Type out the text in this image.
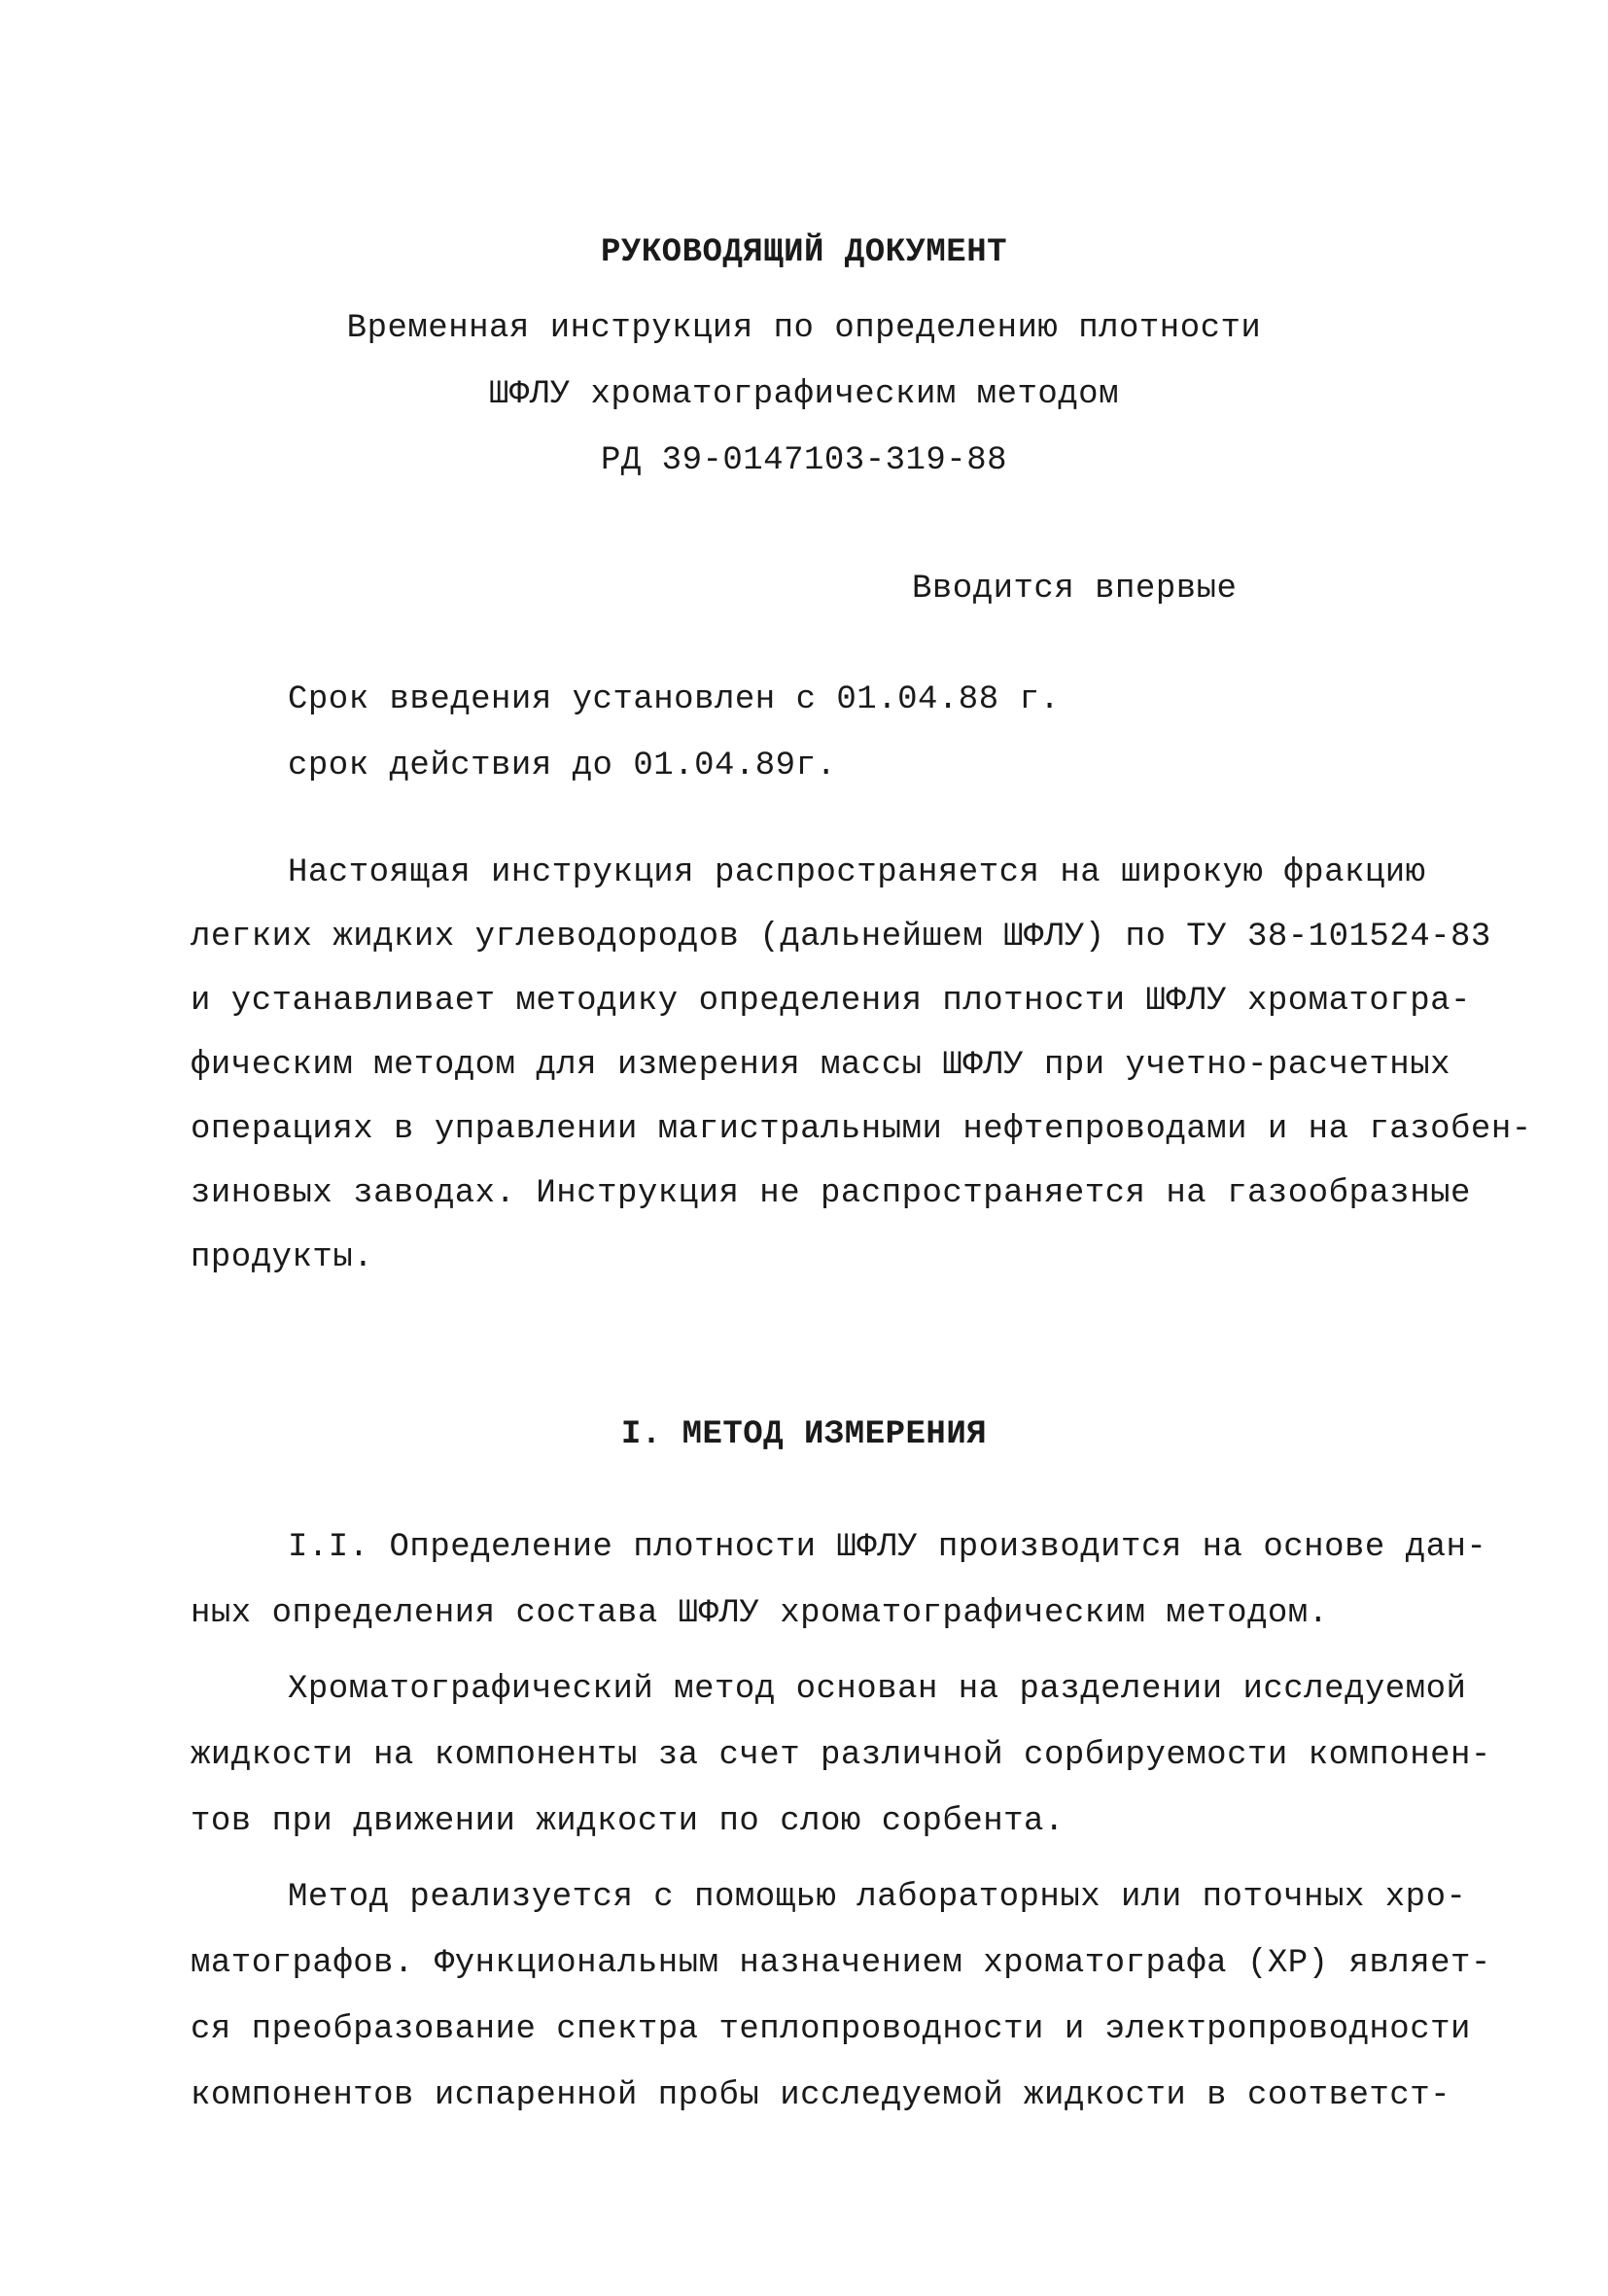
РУКОВОДЯЩИЙ ДОКУМЕНТ
Временная инструкция по определению плотности
ШФЛУ хроматографическим методом
РД 39-0147103-319-88
Вводится впервые
Срок введения установлен с 01.04.88 г.
срок действия до 01.04.89г.
Настоящая инструкция распространяется на широкую фракцию
легких жидких углеводородов (дальнейшем ШФЛУ) по ТУ 38-101524-83
и устанавливает методику определения плотности ШФЛУ хроматогра-
фическим методом для измерения массы ШФЛУ при учетно-расчетных
операциях в управлении магистральными нефтепроводами и на газобен-
зиновых заводах. Инструкция не распространяется на газообразные
продукты.
I. МЕТОД ИЗМЕРЕНИЯ
I.I. Определение плотности ШФЛУ производится на основе дан-
ных определения состава ШФЛУ хроматографическим методом.
Хроматографический метод основан на разделении исследуемой
жидкости на компоненты за счет различной сорбируемости компонен-
тов при движении жидкости по слою сорбента.
Метод реализуется с помощью лабораторных или поточных хро-
матографов. Функциональным назначением хроматографа (ХР) являет-
ся преобразование спектра теплопроводности и электропроводности
компонентов испаренной пробы исследуемой жидкости в соответст-
